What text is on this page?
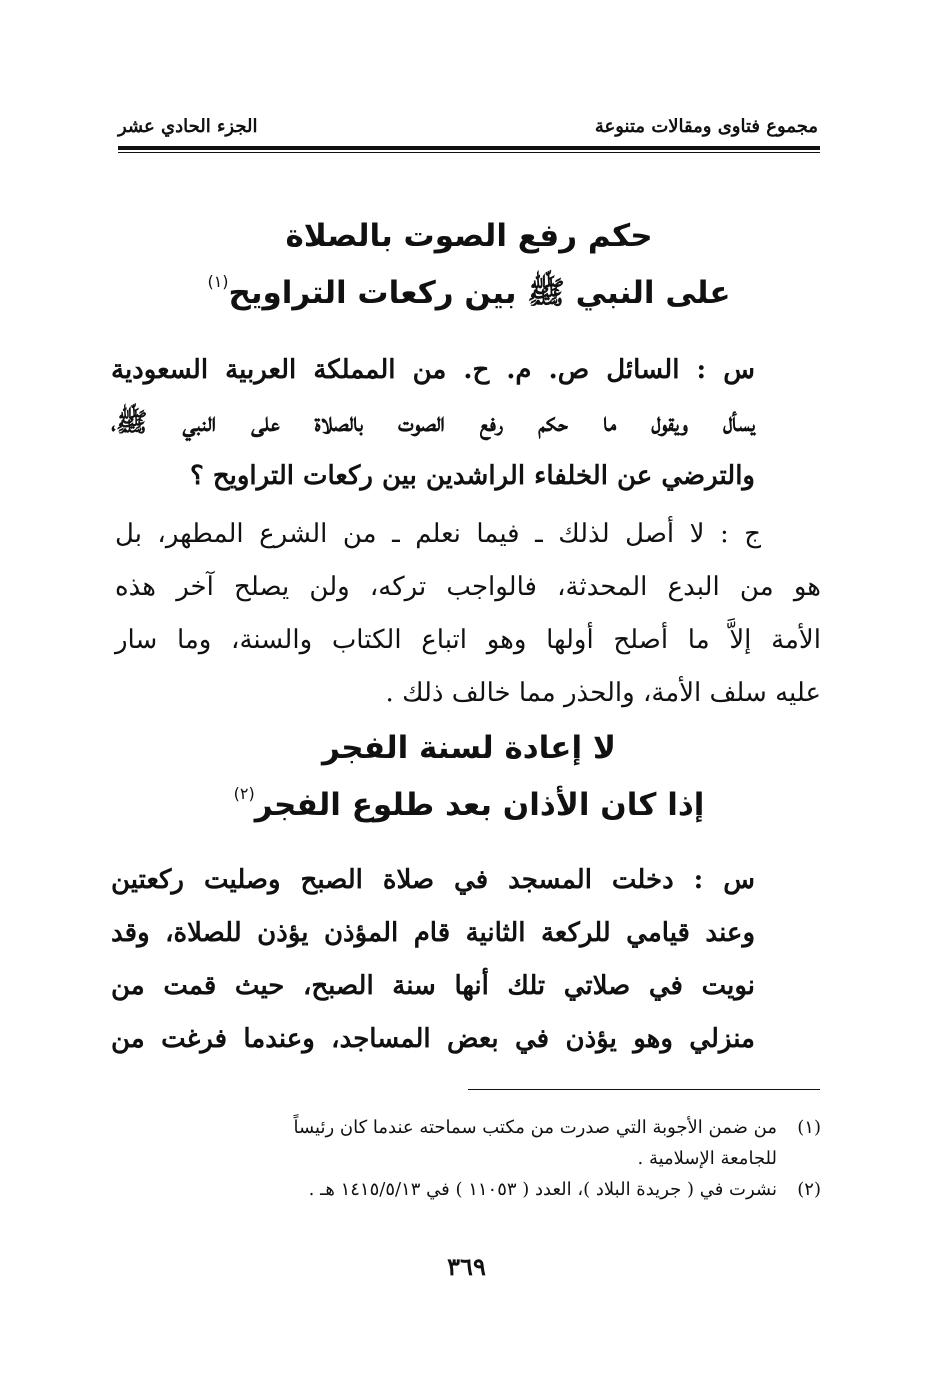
مجموع فتاوى ومقالات متنوعة
الجزء الحادي عشر
حكم رفع الصوت بالصلاة
على النبي ﷺ بين ركعات التراويح$^{(١)}$
س : السائل ص. م. ح. من المملكة العربية السعودية
يسأل ويقول ما حكم رفع الصوت بالصلاة على النبي ﷺ،
والترضي عن الخلفاء الراشدين بين ركعات التراويح ؟
ج : لا أصل لذلك ـ فيما نعلم ـ من الشرع المطهر، بل
هو من البدع المحدثة، فالواجب تركه، ولن يصلح آخر هذه
الأمة إلاَّ ما أصلح أولها وهو اتباع الكتاب والسنة، وما سار
عليه سلف الأمة، والحذر مما خالف ذلك .
لا إعادة لسنة الفجر
إذا كان الأذان بعد طلوع الفجر$^{(٢)}$
س : دخلت المسجد في صلاة الصبح وصليت ركعتين
وعند قيامي للركعة الثانية قام المؤذن يؤذن للصلاة، وقد
نويت في صلاتي تلك أنها سنة الصبح، حيث قمت من
منزلي وهو يؤذن في بعض المساجد، وعندما فرغت من
(١)من ضمن الأجوبة التي صدرت من مكتب سماحته عندما كان رئيساً
للجامعة الإسلامية .
(٢)نشرت في ( جريدة البلاد )، العدد ( ١١٠٥٣ ) في ١٤١٥/٥/١٣ هـ .
٣٦٩
